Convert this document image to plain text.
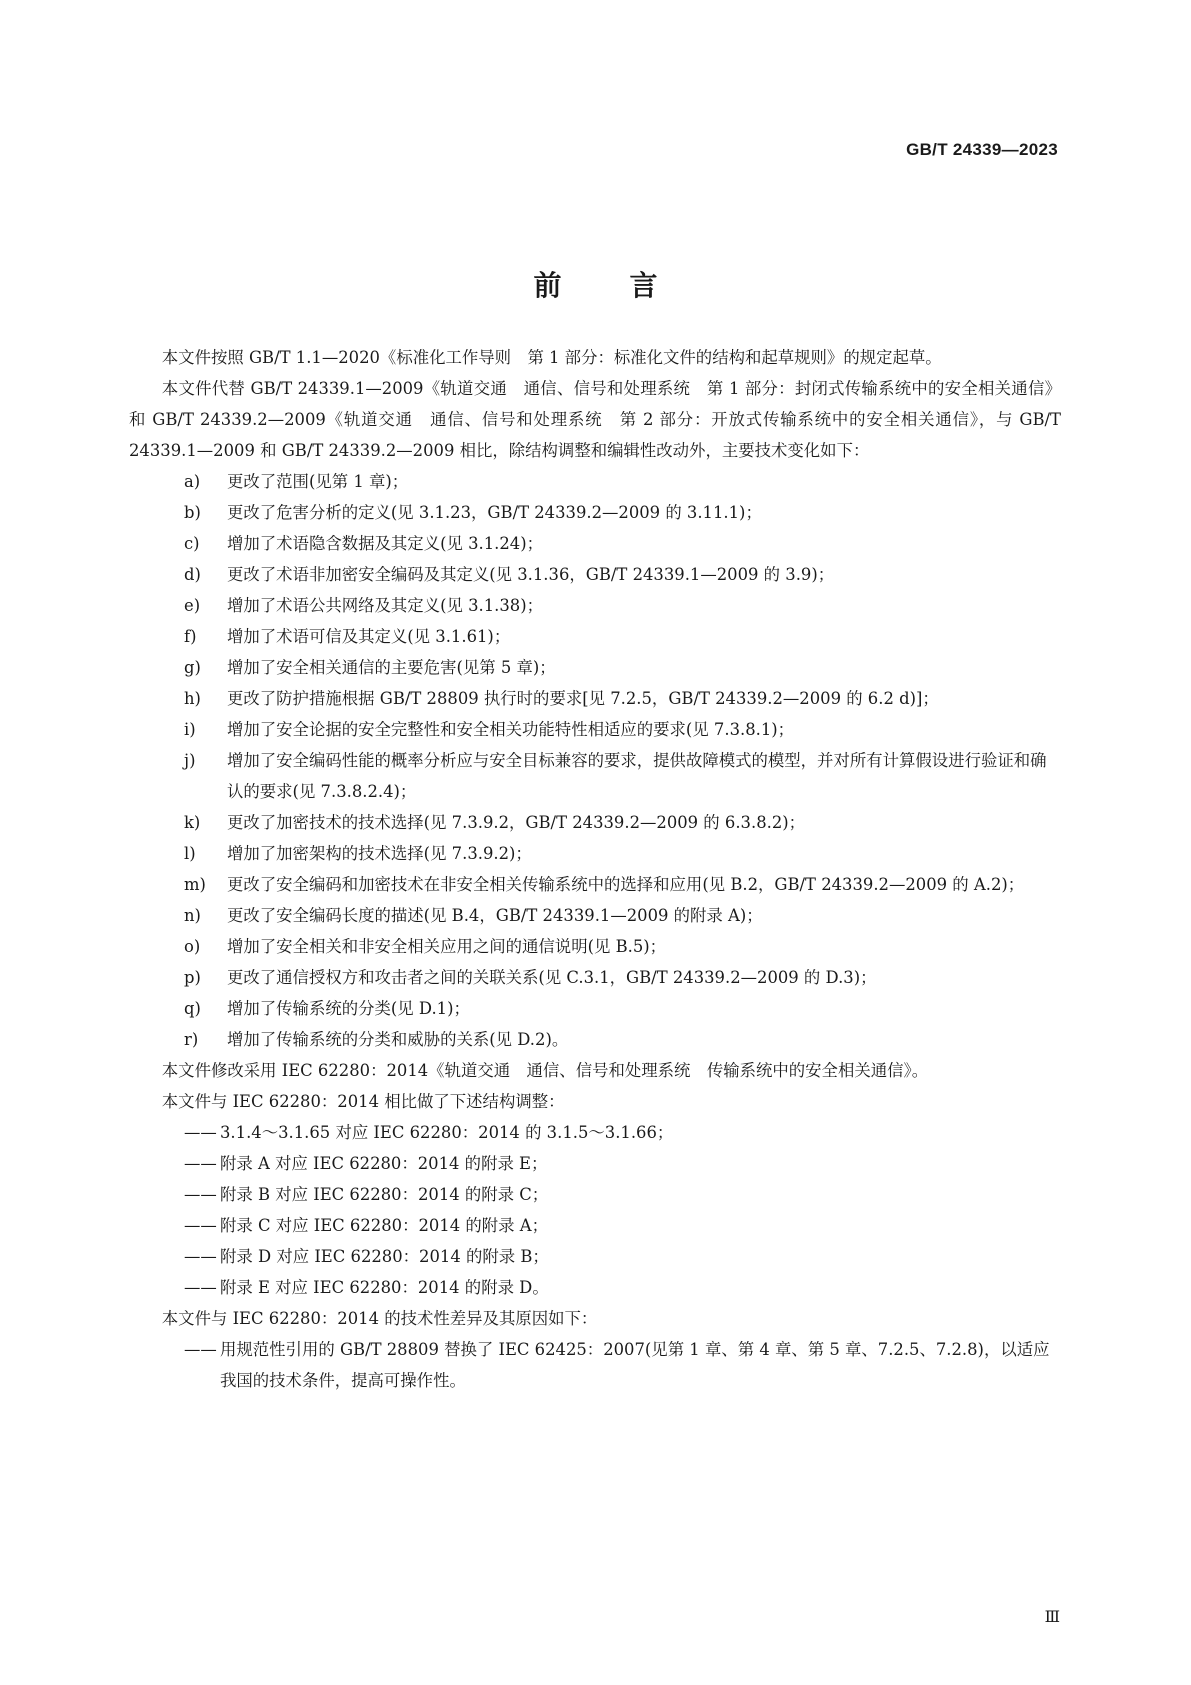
GB/T 24339—2023
前言

本文件按照 GB/T 1.1—2020《标准化工作导则　第 1 部分：标准化文件的结构和起草规则》的规定起草。

本文件代替 GB/T 24339.1—2009《轨道交通　通信、信号和处理系统　第 1 部分：封闭式传输系统中的安全相关通信》和 GB/T 24339.2—2009《轨道交通　通信、信号和处理系统　第 2 部分：开放式传输系统中的安全相关通信》，与 GB/T 24339.1—2009 和 GB/T 24339.2—2009 相比，除结构调整和编辑性改动外，主要技术变化如下：

a)	更改了范围(见第 1 章)；
b)	更改了危害分析的定义(见 3.1.23，GB/T 24339.2—2009 的 3.11.1)；
c)	增加了术语隐含数据及其定义(见 3.1.24)；
d)	更改了术语非加密安全编码及其定义(见 3.1.36，GB/T 24339.1—2009 的 3.9)；
e)	增加了术语公共网络及其定义(见 3.1.38)；
f)	增加了术语可信及其定义(见 3.1.61)；
g)	增加了安全相关通信的主要危害(见第 5 章)；
h)	更改了防护措施根据 GB/T 28809 执行时的要求[见 7.2.5，GB/T 24339.2—2009 的 6.2 d)]；
i)	增加了安全论据的安全完整性和安全相关功能特性相适应的要求(见 7.3.8.1)；
j)	增加了安全编码性能的概率分析应与安全目标兼容的要求，提供故障模式的模型，并对所有计算假设进行验证和确认的要求(见 7.3.8.2.4)；
k)	更改了加密技术的技术选择(见 7.3.9.2，GB/T 24339.2—2009 的 6.3.8.2)；
l)	增加了加密架构的技术选择(见 7.3.9.2)；
m)	更改了安全编码和加密技术在非安全相关传输系统中的选择和应用(见 B.2，GB/T 24339.2—2009 的 A.2)；
n)	更改了安全编码长度的描述(见 B.4，GB/T 24339.1—2009 的附录 A)；
o)	增加了安全相关和非安全相关应用之间的通信说明(见 B.5)；
p)	更改了通信授权方和攻击者之间的关联关系(见 C.3.1，GB/T 24339.2—2009 的 D.3)；
q)	增加了传输系统的分类(见 D.1)；
r)	增加了传输系统的分类和威胁的关系(见 D.2)。

本文件修改采用 IEC 62280：2014《轨道交通　通信、信号和处理系统　传输系统中的安全相关通信》。

本文件与 IEC 62280：2014 相比做了下述结构调整：

—— 3.1.4～3.1.65 对应 IEC 62280：2014 的 3.1.5～3.1.66；
—— 附录 A 对应 IEC 62280：2014 的附录 E；
—— 附录 B 对应 IEC 62280：2014 的附录 C；
—— 附录 C 对应 IEC 62280：2014 的附录 A；
—— 附录 D 对应 IEC 62280：2014 的附录 B；
—— 附录 E 对应 IEC 62280：2014 的附录 D。

本文件与 IEC 62280：2014 的技术性差异及其原因如下：

—— 用规范性引用的 GB/T 28809 替换了 IEC 62425：2007(见第 1 章、第 4 章、第 5 章、7.2.5、7.2.8)，以适应我国的技术条件，提高可操作性。
Ⅲ
